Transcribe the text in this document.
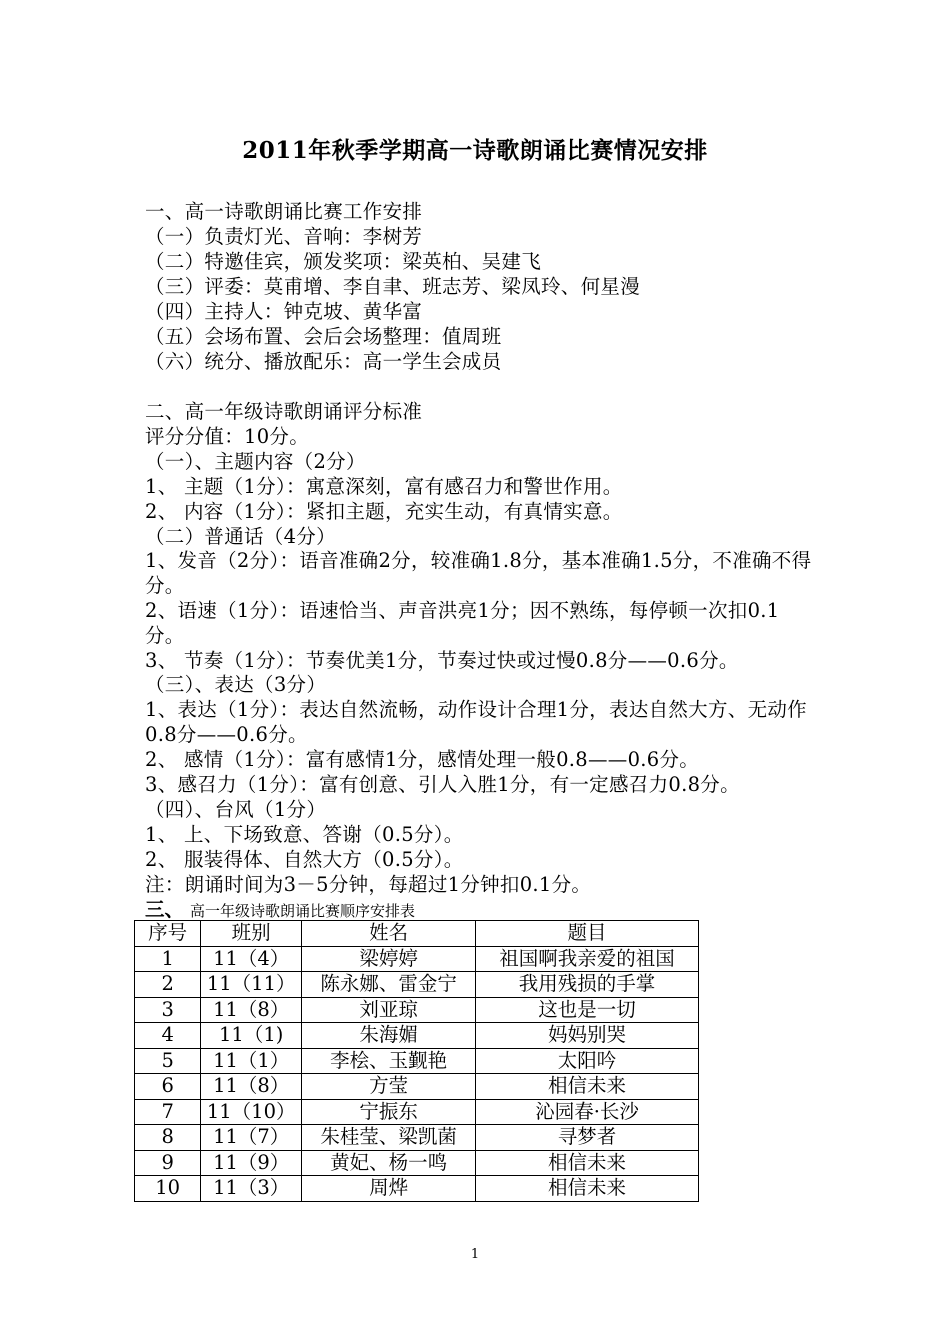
2011年秋季学期高一诗歌朗诵比赛情况安排
一、高一诗歌朗诵比赛工作安排
（一）负责灯光、音响：李树芳
（二）特邀佳宾，颁发奖项：梁英柏、吴建飞
（三）评委：莫甫增、李自聿、班志芳、梁凤玲、何星漫
（四）主持人：钟克坡、黄华富
（五）会场布置、会后会场整理：值周班
（六）统分、播放配乐：高一学生会成员
二、高一年级诗歌朗诵评分标准
评分分值：10分。
（一）、主题内容（2分）
1、 主题（1分）：寓意深刻，富有感召力和警世作用。
2、 内容（1分）：紧扣主题，充实生动，有真情实意。
（二）普通话（4分）
1、发音（2分）：语音准确2分，较准确1.8分，基本准确1.5分，不准确不得分。
2、语速（1分）：语速恰当、声音洪亮1分；因不熟练，每停顿一次扣0.1分。
3、 节奏（1分）：节奏优美1分，节奏过快或过慢0.8分——0.6分。
（三）、表达（3分）
1、表达（1分）：表达自然流畅，动作设计合理1分，表达自然大方、无动作0.8分——0.6分。
2、 感情（1分）：富有感情1分，感情处理一般0.8——0.6分。
3、感召力（1分）：富有创意、引人入胜1分，有一定感召力0.8分。
（四）、台风（1分）
1、 上、下场致意、答谢（0.5分）。
2、 服装得体、自然大方（0.5分）。
注：朗诵时间为3－5分钟，每超过1分钟扣0.1分。
三、 高一年级诗歌朗诵比赛顺序安排表
序号	班别	姓名	题目
1	11（4）	梁婷婷	祖国啊我亲爱的祖国
2	11（11）	陈永娜、雷金宁	我用残损的手掌
3	11（8）	刘亚琼	这也是一切
4	11（1)	朱海媚	妈妈别哭
5	11（1）	李桧、玉觐艳	太阳吟
6	11（8）	方莹	相信未来
7	11（10）	宁振东	沁园春·长沙
8	11（7）	朱桂莹、梁凯菌	寻梦者
9	11（9）	黄妃、杨一鸣	相信未来
10	11（3）	周烨	相信未来
1
